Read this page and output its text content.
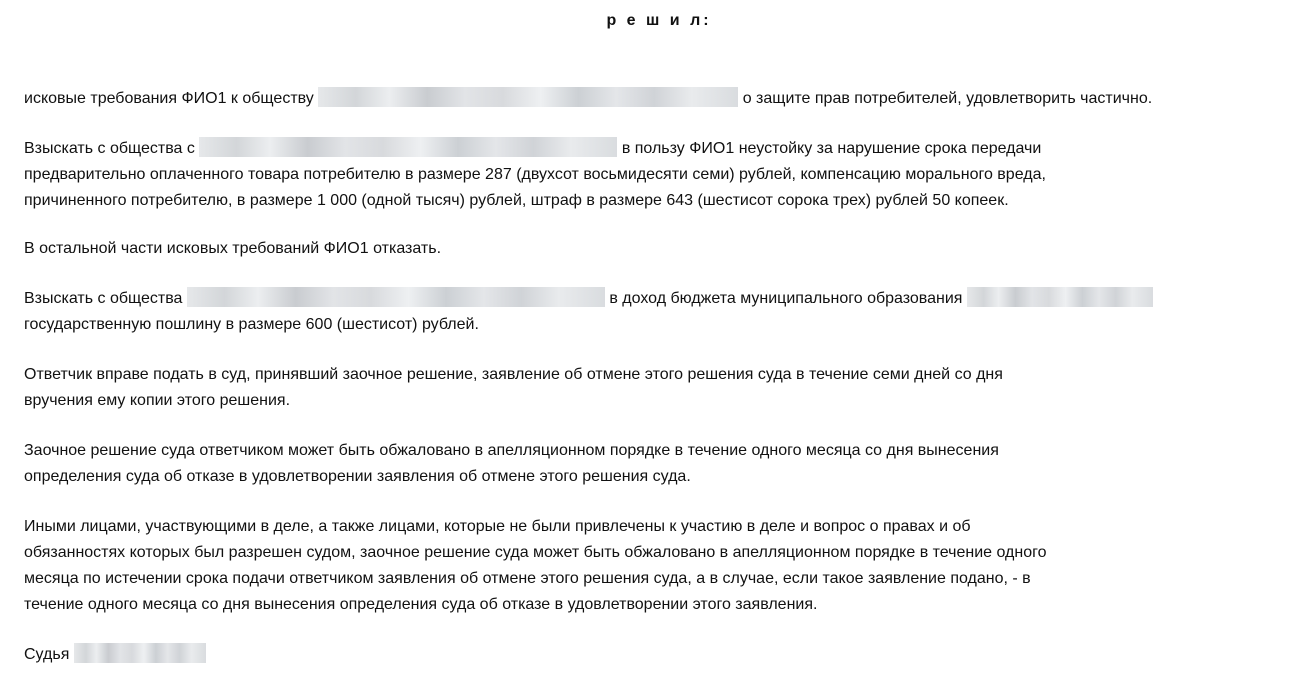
р е ш и л:

исковые требования ФИО1 к обществу	о защите прав потребителей, удовлетворить частично.

Взыскать с общества с	в пользу ФИО1 неустойку за нарушение срока передачи
предварительно оплаченного товара потребителю в размере 287 (двухсот восьмидесяти семи) рублей, компенсацию морального вреда,
причиненного потребителю, в размере 1 000 (одной тысяч) рублей, штраф в размере 643 (шестисот сорока трех) рублей 50 копеек.

В остальной части исковых требований ФИО1 отказать.

Взыскать с общества	в доход бюджета муниципального образования
государственную пошлину в размере 600 (шестисот) рублей.

Ответчик вправе подать в суд, принявший заочное решение, заявление об отмене этого решения суда в течение семи дней со дня
вручения ему копии этого решения.

Заочное решение суда ответчиком может быть обжаловано в апелляционном порядке в течение одного месяца со дня вынесения
определения суда об отказе в удовлетворении заявления об отмене этого решения суда.

Иными лицами, участвующими в деле, а также лицами, которые не были привлечены к участию в деле и вопрос о правах и об
обязанностях которых был разрешен судом, заочное решение суда может быть обжаловано в апелляционном порядке в течение одного
месяца по истечении срока подачи ответчиком заявления об отмене этого решения суда, а в случае, если такое заявление подано, - в
течение одного месяца со дня вынесения определения суда об отказе в удовлетворении этого заявления.

Судья
